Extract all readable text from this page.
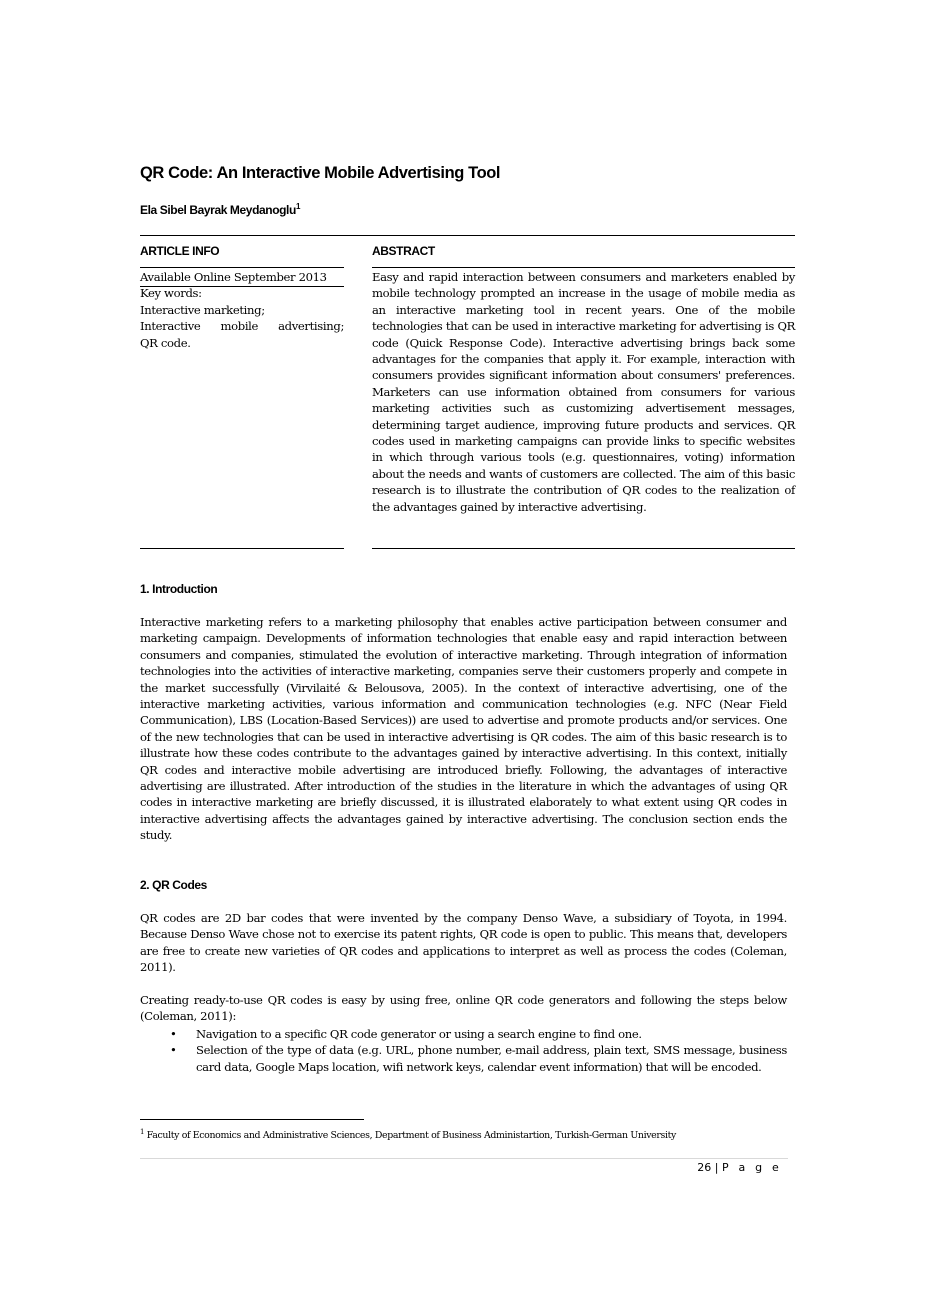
QR Code: An Interactive Mobile Advertising Tool
Ela Sibel Bayrak Meydanoglu$^1$
ARTICLE INFO	ABSTRACT
Available Online September 2013
Key words:
Interactive marketing;
Interactive mobile advertising;
QR code.
Easy and rapid interaction between consumers and marketers enabled by mobile technology prompted an increase in the usage of mobile media as an interactive marketing tool in recent years. One of the mobile technologies that can be used in interactive marketing for advertising is QR code (Quick Response Code). Interactive advertising brings back some advantages for the companies that apply it. For example, interaction with consumers provides significant information about consumers' preferences. Marketers can use information obtained from consumers for various marketing activities such as customizing advertisement messages, determining target audience, improving future products and services. QR codes used in marketing campaigns can provide links to specific websites in which through various tools (e.g. questionnaires, voting) information about the needs and wants of customers are collected. The aim of this basic research is to illustrate the contribution of QR codes to the realization of the advantages gained by interactive advertising.
1. Introduction
Interactive marketing refers to a marketing philosophy that enables active participation between consumer and marketing campaign. Developments of information technologies that enable easy and rapid interaction between consumers and companies, stimulated the evolution of interactive marketing. Through integration of information technologies into the activities of interactive marketing, companies serve their customers properly and compete in the market successfully (Virvilaité & Belousova, 2005). In the context of interactive advertising, one of the interactive marketing activities, various information and communication technologies (e.g. NFC (Near Field Communication), LBS (Location-Based Services)) are used to advertise and promote products and/or services. One of the new technologies that can be used in interactive advertising is QR codes. The aim of this basic research is to illustrate how these codes contribute to the advantages gained by interactive advertising. In this context, initially QR codes and interactive mobile advertising are introduced briefly. Following, the advantages of interactive advertising are illustrated. After introduction of the studies in the literature in which the advantages of using QR codes in interactive marketing are briefly discussed, it is illustrated elaborately to what extent using QR codes in interactive advertising affects the advantages gained by interactive advertising. The conclusion section ends the study.
2. QR Codes
QR codes are 2D bar codes that were invented by the company Denso Wave, a subsidiary of Toyota, in 1994. Because Denso Wave chose not to exercise its patent rights, QR code is open to public. This means that, developers are free to create new varieties of QR codes and applications to interpret as well as process the codes (Coleman, 2011).
Creating ready-to-use QR codes is easy by using free, online QR code generators and following the steps below (Coleman, 2011):
• Navigation to a specific QR code generator or using a search engine to find one.
• Selection of the type of data (e.g. URL, phone number, e-mail address, plain text, SMS message, business card data, Google Maps location, wifi network keys, calendar event information) that will be encoded.
$^1$ Faculty of Economics and Administrative Sciences, Department of Business Administartion, Turkish-German University
26 | P a g e
